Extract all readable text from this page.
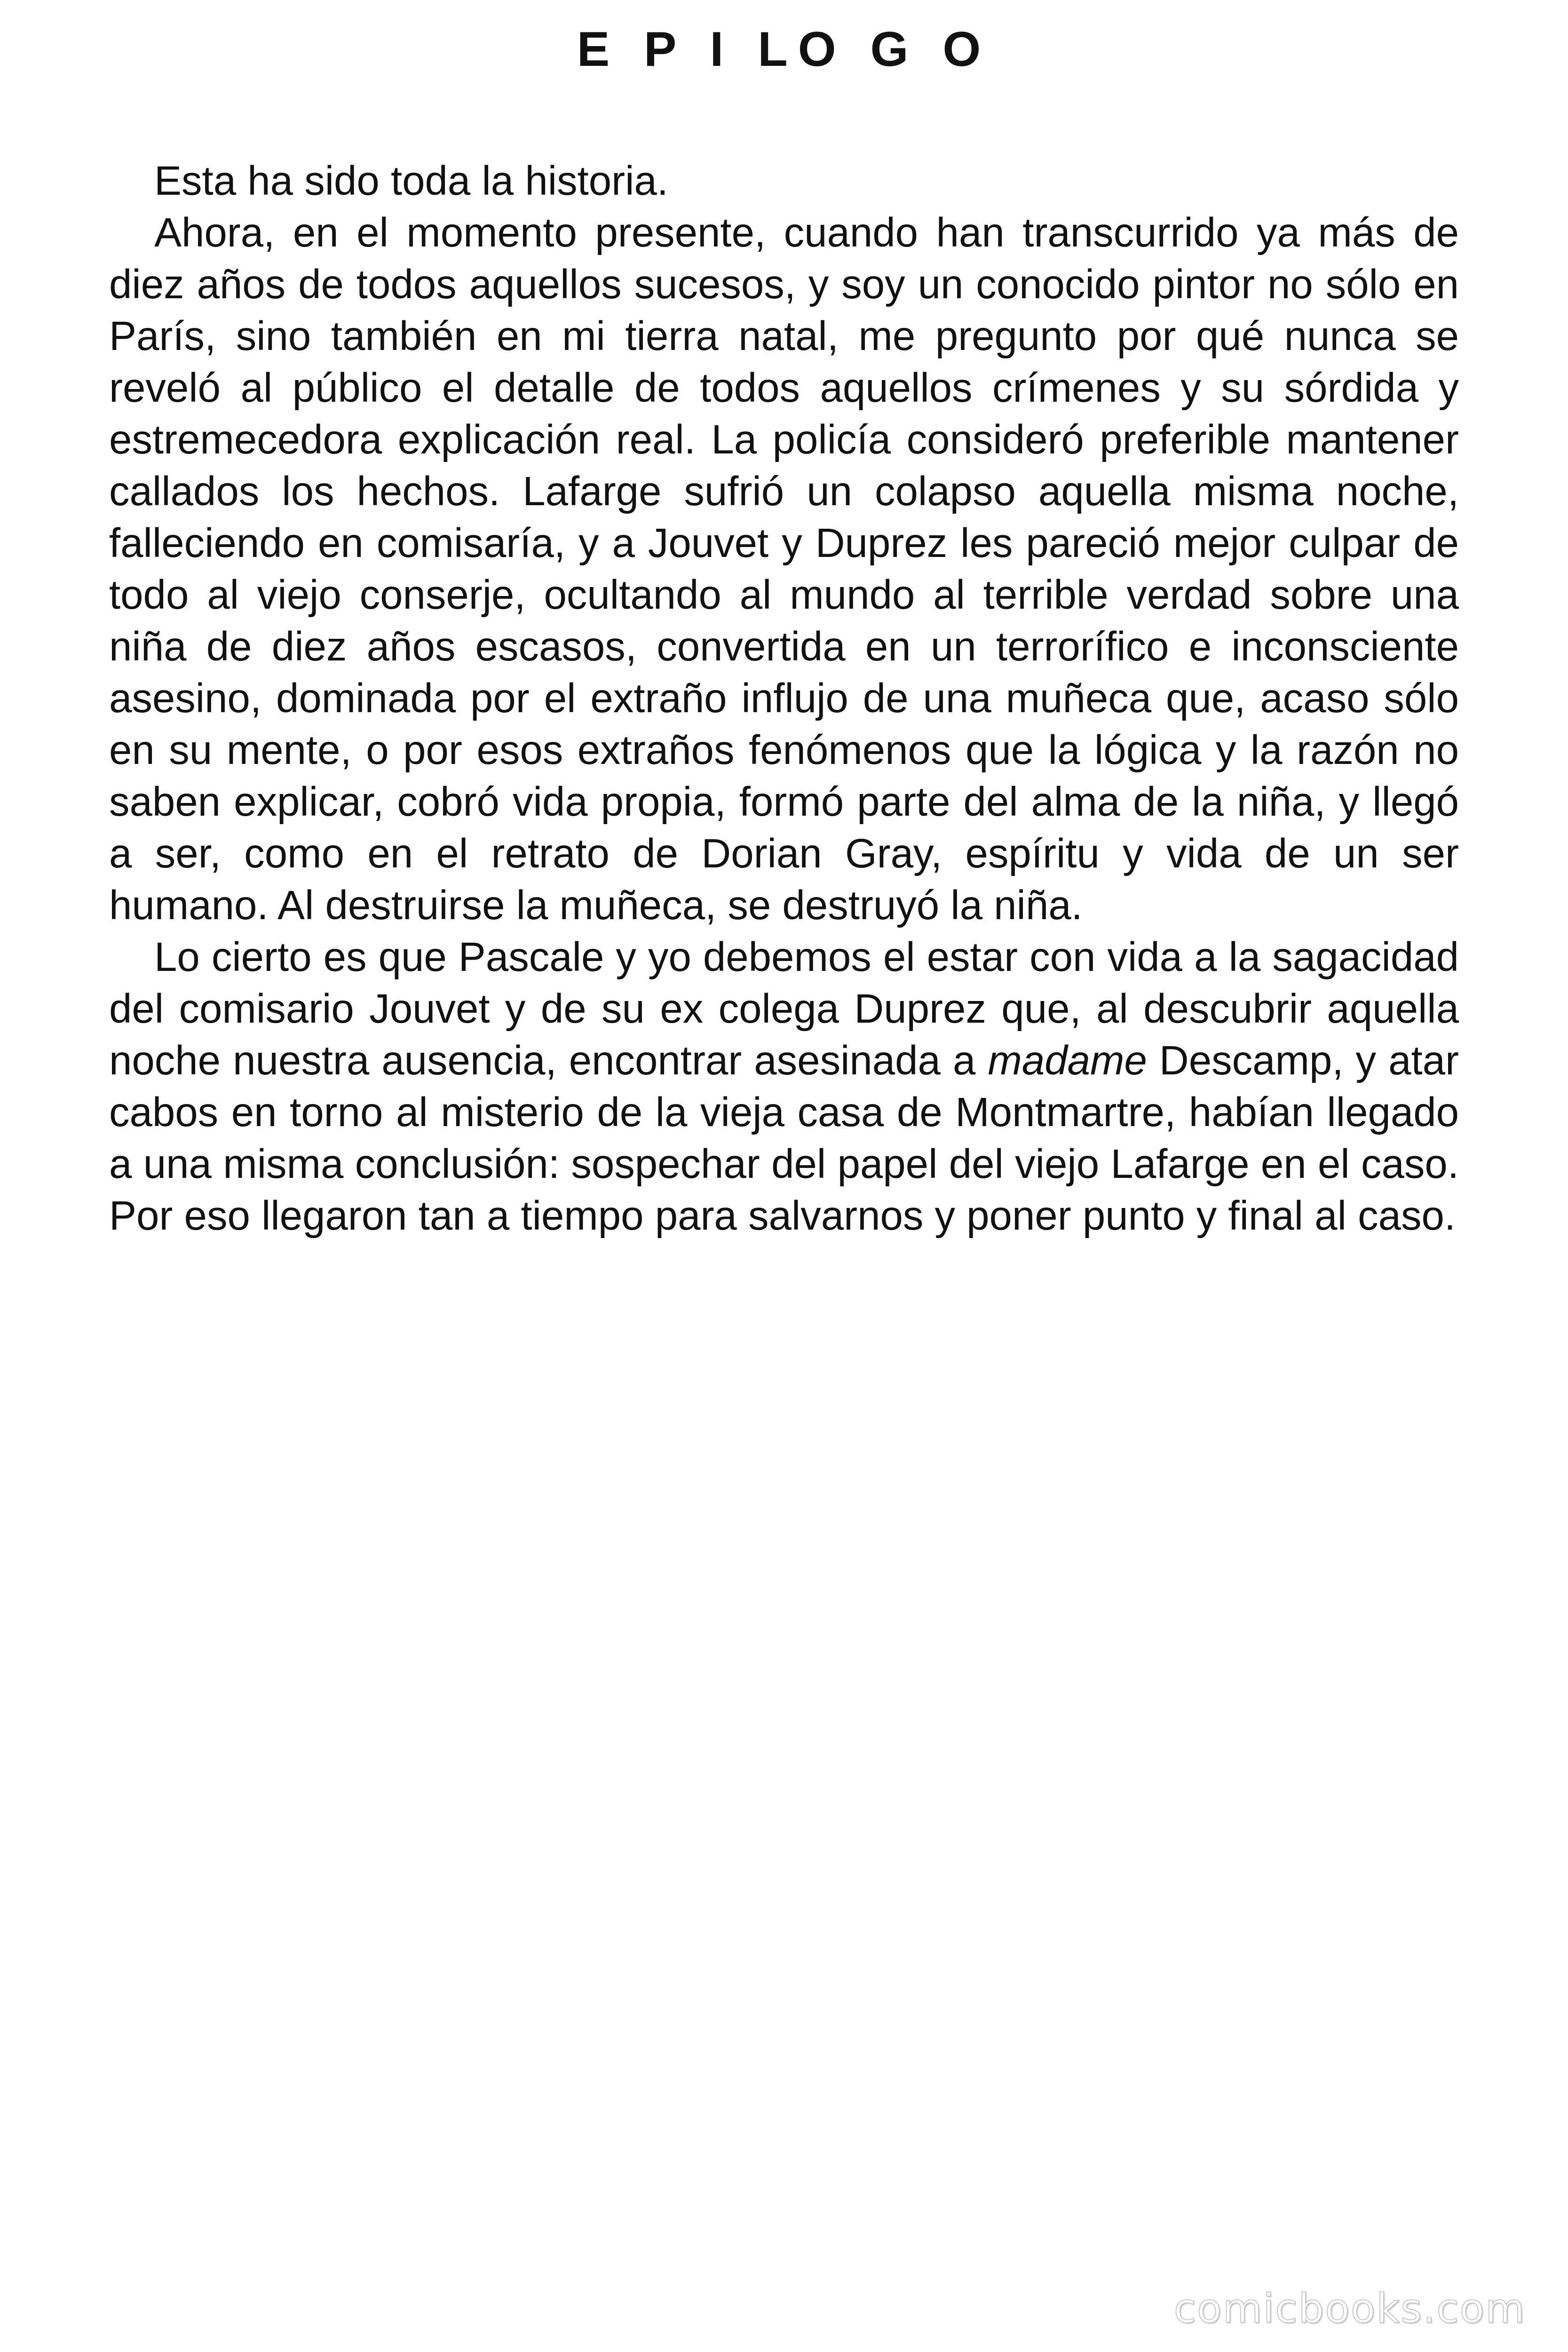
E P I LO G O

Esta ha sido toda la historia.

Ahora, en el momento presente, cuando han transcurrido ya más de diez años de todos aquellos sucesos, y soy un conocido pintor no sólo en París, sino también en mi tierra natal, me pregunto por qué nunca se reveló al público el detalle de todos aquellos crímenes y su sórdida y estremecedora explicación real. La policía consideró preferible mantener callados los hechos. Lafarge sufrió un colapso aquella misma noche, falleciendo en comisaría, y a Jouvet y Duprez les pareció mejor culpar de todo al viejo conserje, ocultando al mundo al terrible verdad sobre una niña de diez años escasos, convertida en un terrorífico e inconsciente asesino, dominada por el extraño influjo de una muñeca que, acaso sólo en su mente, o por esos extraños fenómenos que la lógica y la razón no saben explicar, cobró vida propia, formó parte del alma de la niña, y llegó a ser, como en el retrato de Dorian Gray, espíritu y vida de un ser humano. Al destruirse la muñeca, se destruyó la niña.

Lo cierto es que Pascale y yo debemos el estar con vida a la sagacidad del comisario Jouvet y de su ex colega Duprez que, al descubrir aquella noche nuestra ausencia, encontrar asesinada a madame Descamp, y atar cabos en torno al misterio de la vieja casa de Montmartre, habían llegado a una misma conclusión: sospechar del papel del viejo Lafarge en el caso. Por eso llegaron tan a tiempo para salvarnos y poner punto y final al caso.

comicbooks.com
